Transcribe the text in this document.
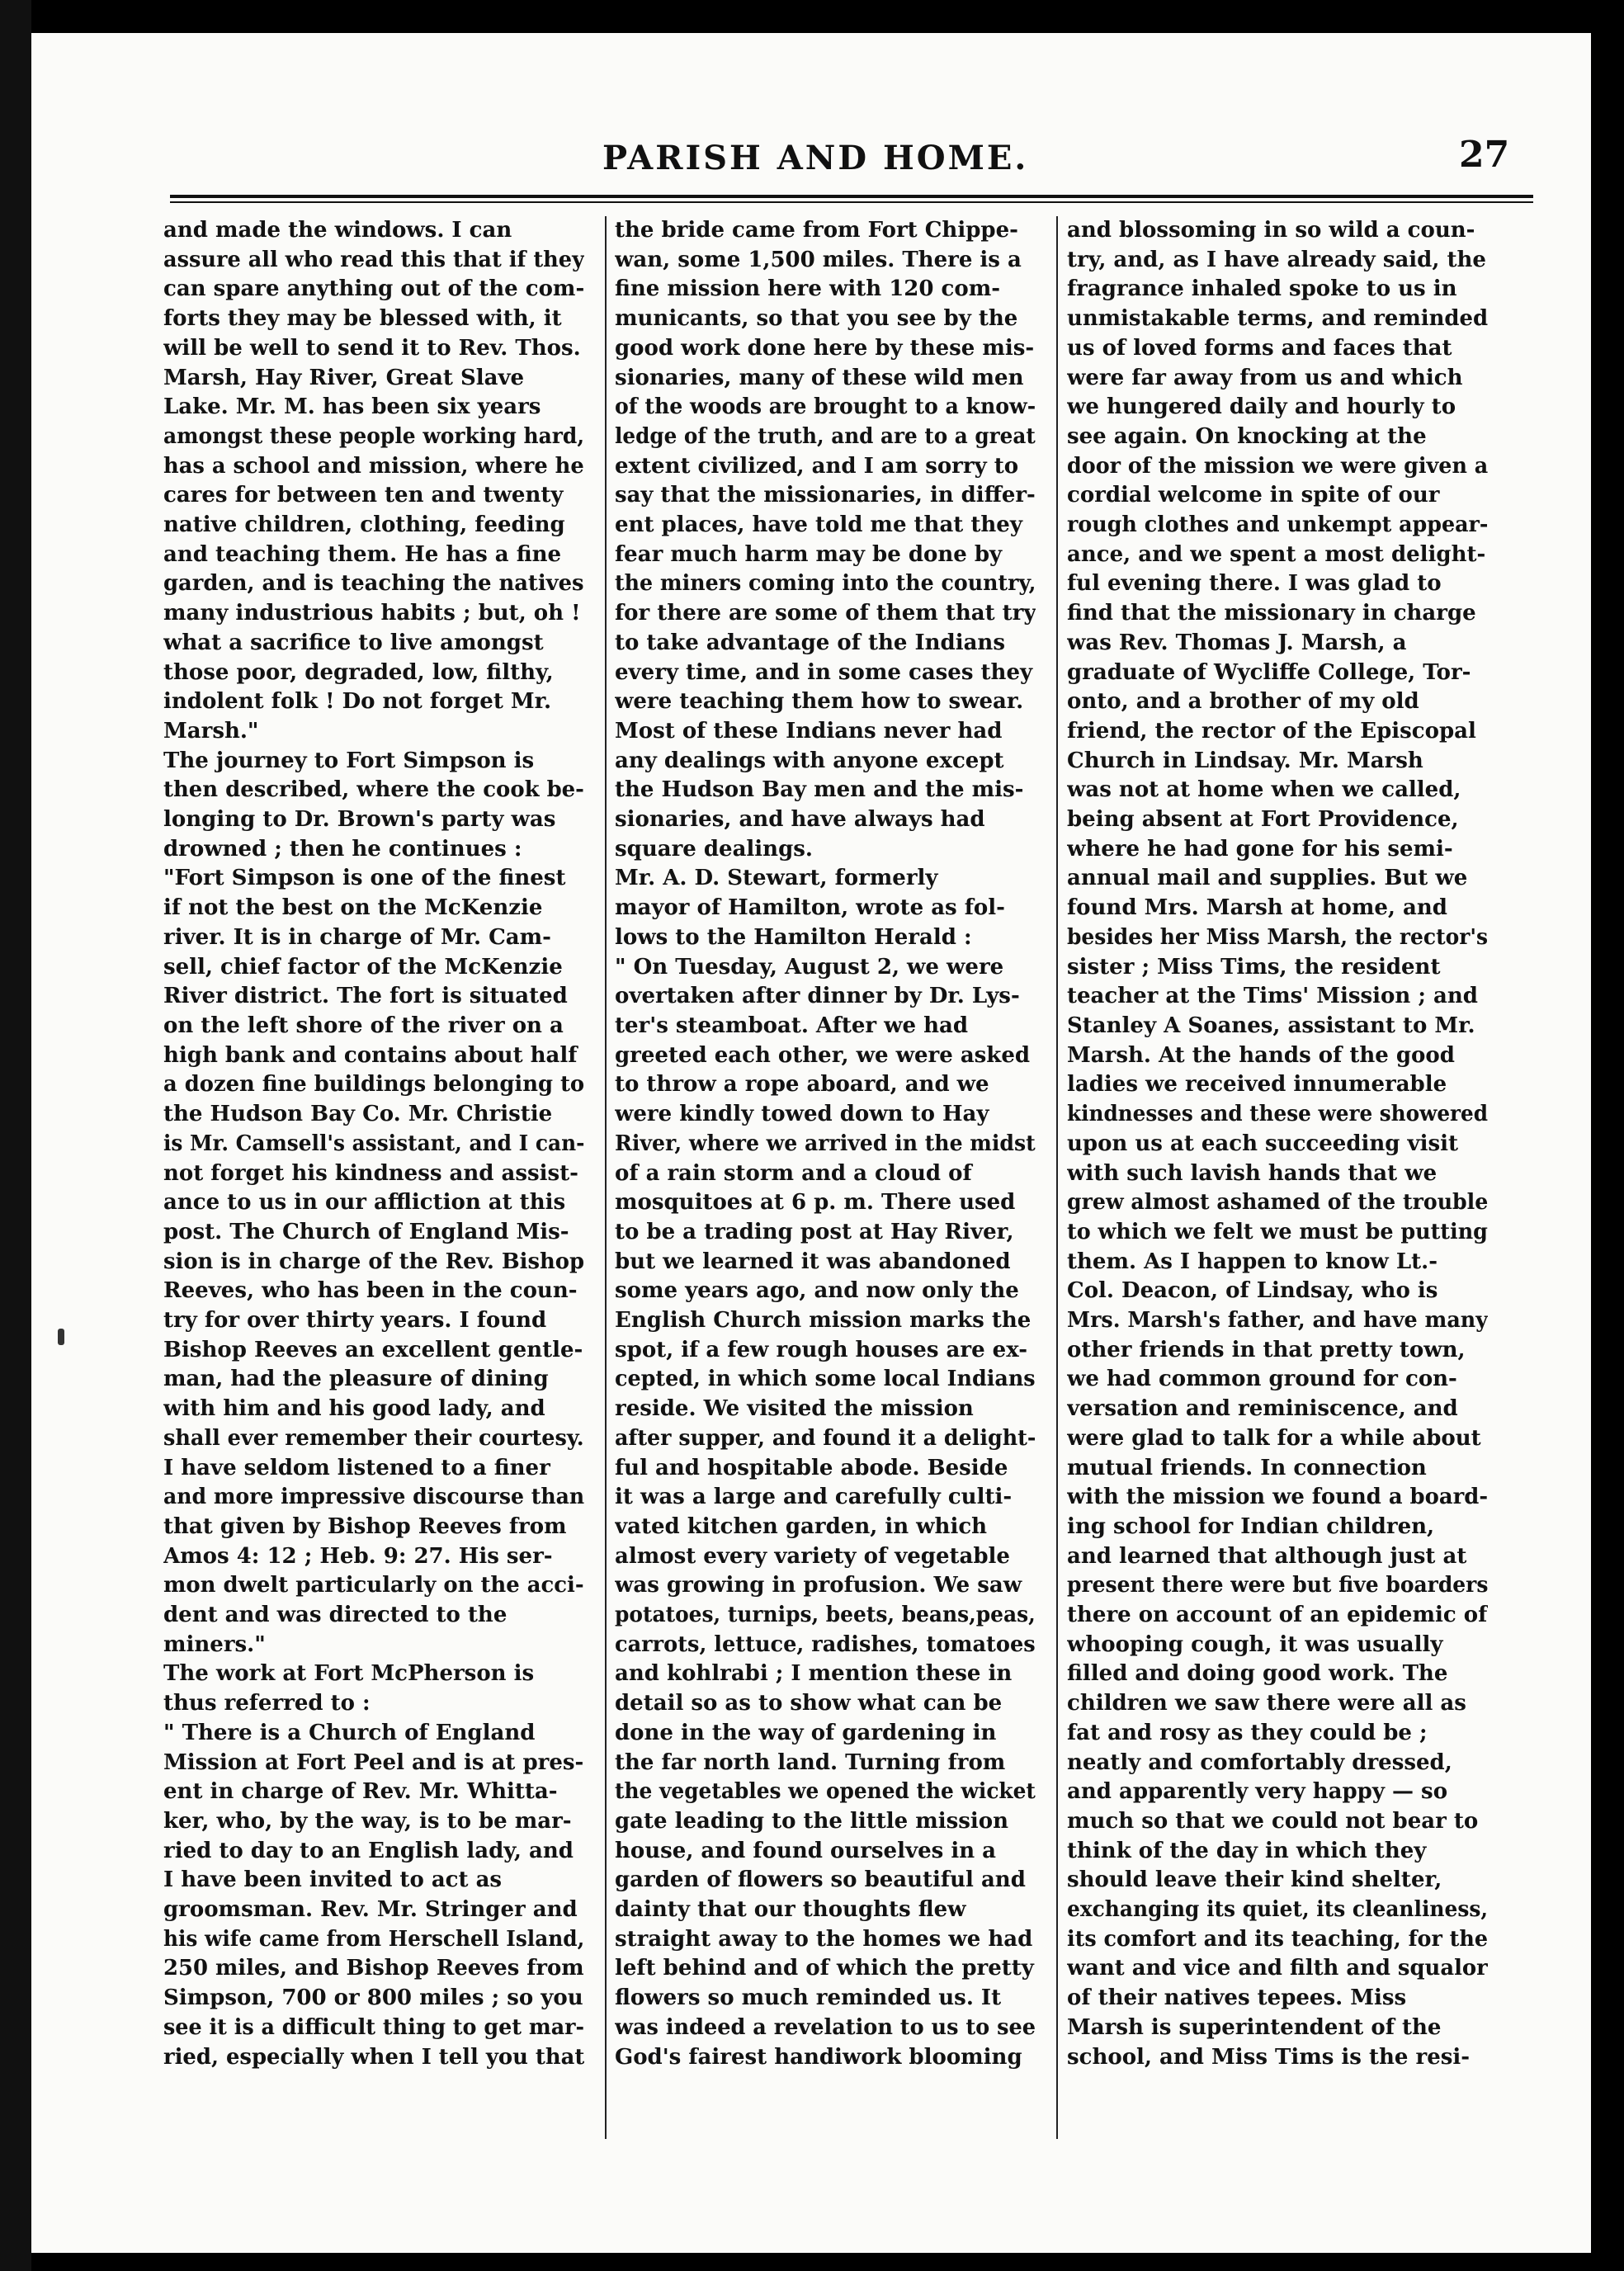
PARISH AND HOME.	27
and made the windows. I can
assure all who read this that if they
can spare anything out of the com-
forts they may be blessed with, it
will be well to send it to Rev. Thos.
Marsh, Hay River, Great Slave
Lake. Mr. M. has been six years
amongst these people working hard,
has a school and mission, where he
cares for between ten and twenty
native children, clothing, feeding
and teaching them. He has a fine
garden, and is teaching the natives
many industrious habits ; but, oh !
what a sacrifice to live amongst
those poor, degraded, low, filthy,
indolent folk ! Do not forget Mr.
Marsh."
The journey to Fort Simpson is
then described, where the cook be-
longing to Dr. Brown's party was
drowned ; then he continues :
"Fort Simpson is one of the finest
if not the best on the McKenzie
river. It is in charge of Mr. Cam-
sell, chief factor of the McKenzie
River district. The fort is situated
on the left shore of the river on a
high bank and contains about half
a dozen fine buildings belonging to
the Hudson Bay Co. Mr. Christie
is Mr. Camsell's assistant, and I can-
not forget his kindness and assist-
ance to us in our affliction at this
post. The Church of England Mis-
sion is in charge of the Rev. Bishop
Reeves, who has been in the coun-
try for over thirty years. I found
Bishop Reeves an excellent gentle-
man, had the pleasure of dining
with him and his good lady, and
shall ever remember their courtesy.
I have seldom listened to a finer
and more impressive discourse than
that given by Bishop Reeves from
Amos 4: 12 ; Heb. 9: 27. His ser-
mon dwelt particularly on the acci-
dent and was directed to the
miners."
The work at Fort McPherson is
thus referred to :
" There is a Church of England
Mission at Fort Peel and is at pres-
ent in charge of Rev. Mr. Whitta-
ker, who, by the way, is to be mar-
ried to day to an English lady, and
I have been invited to act as
groomsman. Rev. Mr. Stringer and
his wife came from Herschell Island,
250 miles, and Bishop Reeves from
Simpson, 700 or 800 miles ; so you
see it is a difficult thing to get mar-
ried, especially when I tell you that
the bride came from Fort Chippe-
wan, some 1,500 miles. There is a
fine mission here with 120 com-
municants, so that you see by the
good work done here by these mis-
sionaries, many of these wild men
of the woods are brought to a know-
ledge of the truth, and are to a great
extent civilized, and I am sorry to
say that the missionaries, in differ-
ent places, have told me that they
fear much harm may be done by
the miners coming into the country,
for there are some of them that try
to take advantage of the Indians
every time, and in some cases they
were teaching them how to swear.
Most of these Indians never had
any dealings with anyone except
the Hudson Bay men and the mis-
sionaries, and have always had
square dealings.
Mr. A. D. Stewart, formerly
mayor of Hamilton, wrote as fol-
lows to the Hamilton Herald :
" On Tuesday, August 2, we were
overtaken after dinner by Dr. Lys-
ter's steamboat. After we had
greeted each other, we were asked
to throw a rope aboard, and we
were kindly towed down to Hay
River, where we arrived in the midst
of a rain storm and a cloud of
mosquitoes at 6 p. m. There used
to be a trading post at Hay River,
but we learned it was abandoned
some years ago, and now only the
English Church mission marks the
spot, if a few rough houses are ex-
cepted, in which some local Indians
reside. We visited the mission
after supper, and found it a delight-
ful and hospitable abode. Beside
it was a large and carefully culti-
vated kitchen garden, in which
almost every variety of vegetable
was growing in profusion. We saw
potatoes, turnips, beets, beans,peas,
carrots, lettuce, radishes, tomatoes
and kohlrabi ; I mention these in
detail so as to show what can be
done in the way of gardening in
the far north land. Turning from
the vegetables we opened the wicket
gate leading to the little mission
house, and found ourselves in a
garden of flowers so beautiful and
dainty that our thoughts flew
straight away to the homes we had
left behind and of which the pretty
flowers so much reminded us. It
was indeed a revelation to us to see
God's fairest handiwork blooming
and blossoming in so wild a coun-
try, and, as I have already said, the
fragrance inhaled spoke to us in
unmistakable terms, and reminded
us of loved forms and faces that
were far away from us and which
we hungered daily and hourly to
see again. On knocking at the
door of the mission we were given a
cordial welcome in spite of our
rough clothes and unkempt appear-
ance, and we spent a most delight-
ful evening there. I was glad to
find that the missionary in charge
was Rev. Thomas J. Marsh, a
graduate of Wycliffe College, Tor-
onto, and a brother of my old
friend, the rector of the Episcopal
Church in Lindsay. Mr. Marsh
was not at home when we called,
being absent at Fort Providence,
where he had gone for his semi-
annual mail and supplies. But we
found Mrs. Marsh at home, and
besides her Miss Marsh, the rector's
sister ; Miss Tims, the resident
teacher at the Tims' Mission ; and
Stanley A Soanes, assistant to Mr.
Marsh. At the hands of the good
ladies we received innumerable
kindnesses and these were showered
upon us at each succeeding visit
with such lavish hands that we
grew almost ashamed of the trouble
to which we felt we must be putting
them. As I happen to know Lt.-
Col. Deacon, of Lindsay, who is
Mrs. Marsh's father, and have many
other friends in that pretty town,
we had common ground for con-
versation and reminiscence, and
were glad to talk for a while about
mutual friends. In connection
with the mission we found a board-
ing school for Indian children,
and learned that although just at
present there were but five boarders
there on account of an epidemic of
whooping cough, it was usually
filled and doing good work. The
children we saw there were all as
fat and rosy as they could be ;
neatly and comfortably dressed,
and apparently very happy — so
much so that we could not bear to
think of the day in which they
should leave their kind shelter,
exchanging its quiet, its cleanliness,
its comfort and its teaching, for the
want and vice and filth and squalor
of their natives tepees. Miss
Marsh is superintendent of the
school, and Miss Tims is the resi-
